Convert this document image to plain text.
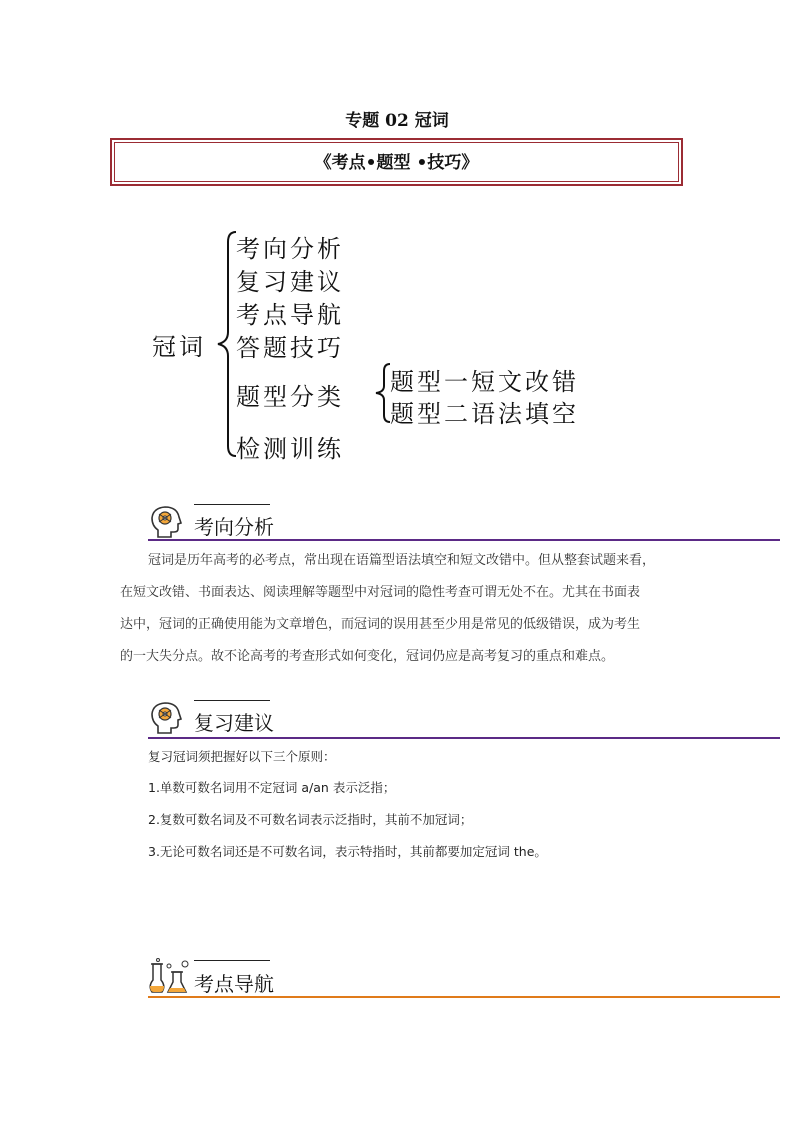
专题 02 冠词
《考点•题型 •技巧》
冠词
考向分析
复习建议
考点导航
答题技巧
题型分类
检测训练
题型一短文改错
题型二语法填空
考向分析
冠词是历年高考的必考点，常出现在语篇型语法填空和短文改错中。但从整套试题来看，
在短文改错、书面表达、阅读理解等题型中对冠词的隐性考查可谓无处不在。尤其在书面表
达中，冠词的正确使用能为文章增色，而冠词的误用甚至少用是常见的低级错误，成为考生
的一大失分点。故不论高考的考查形式如何变化，冠词仍应是高考复习的重点和难点。
复习建议
复习冠词须把握好以下三个原则：
1.单数可数名词用不定冠词 a/an 表示泛指；
2.复数可数名词及不可数名词表示泛指时，其前不加冠词；
3.无论可数名词还是不可数名词，表示特指时，其前都要加定冠词 the。
考点导航
